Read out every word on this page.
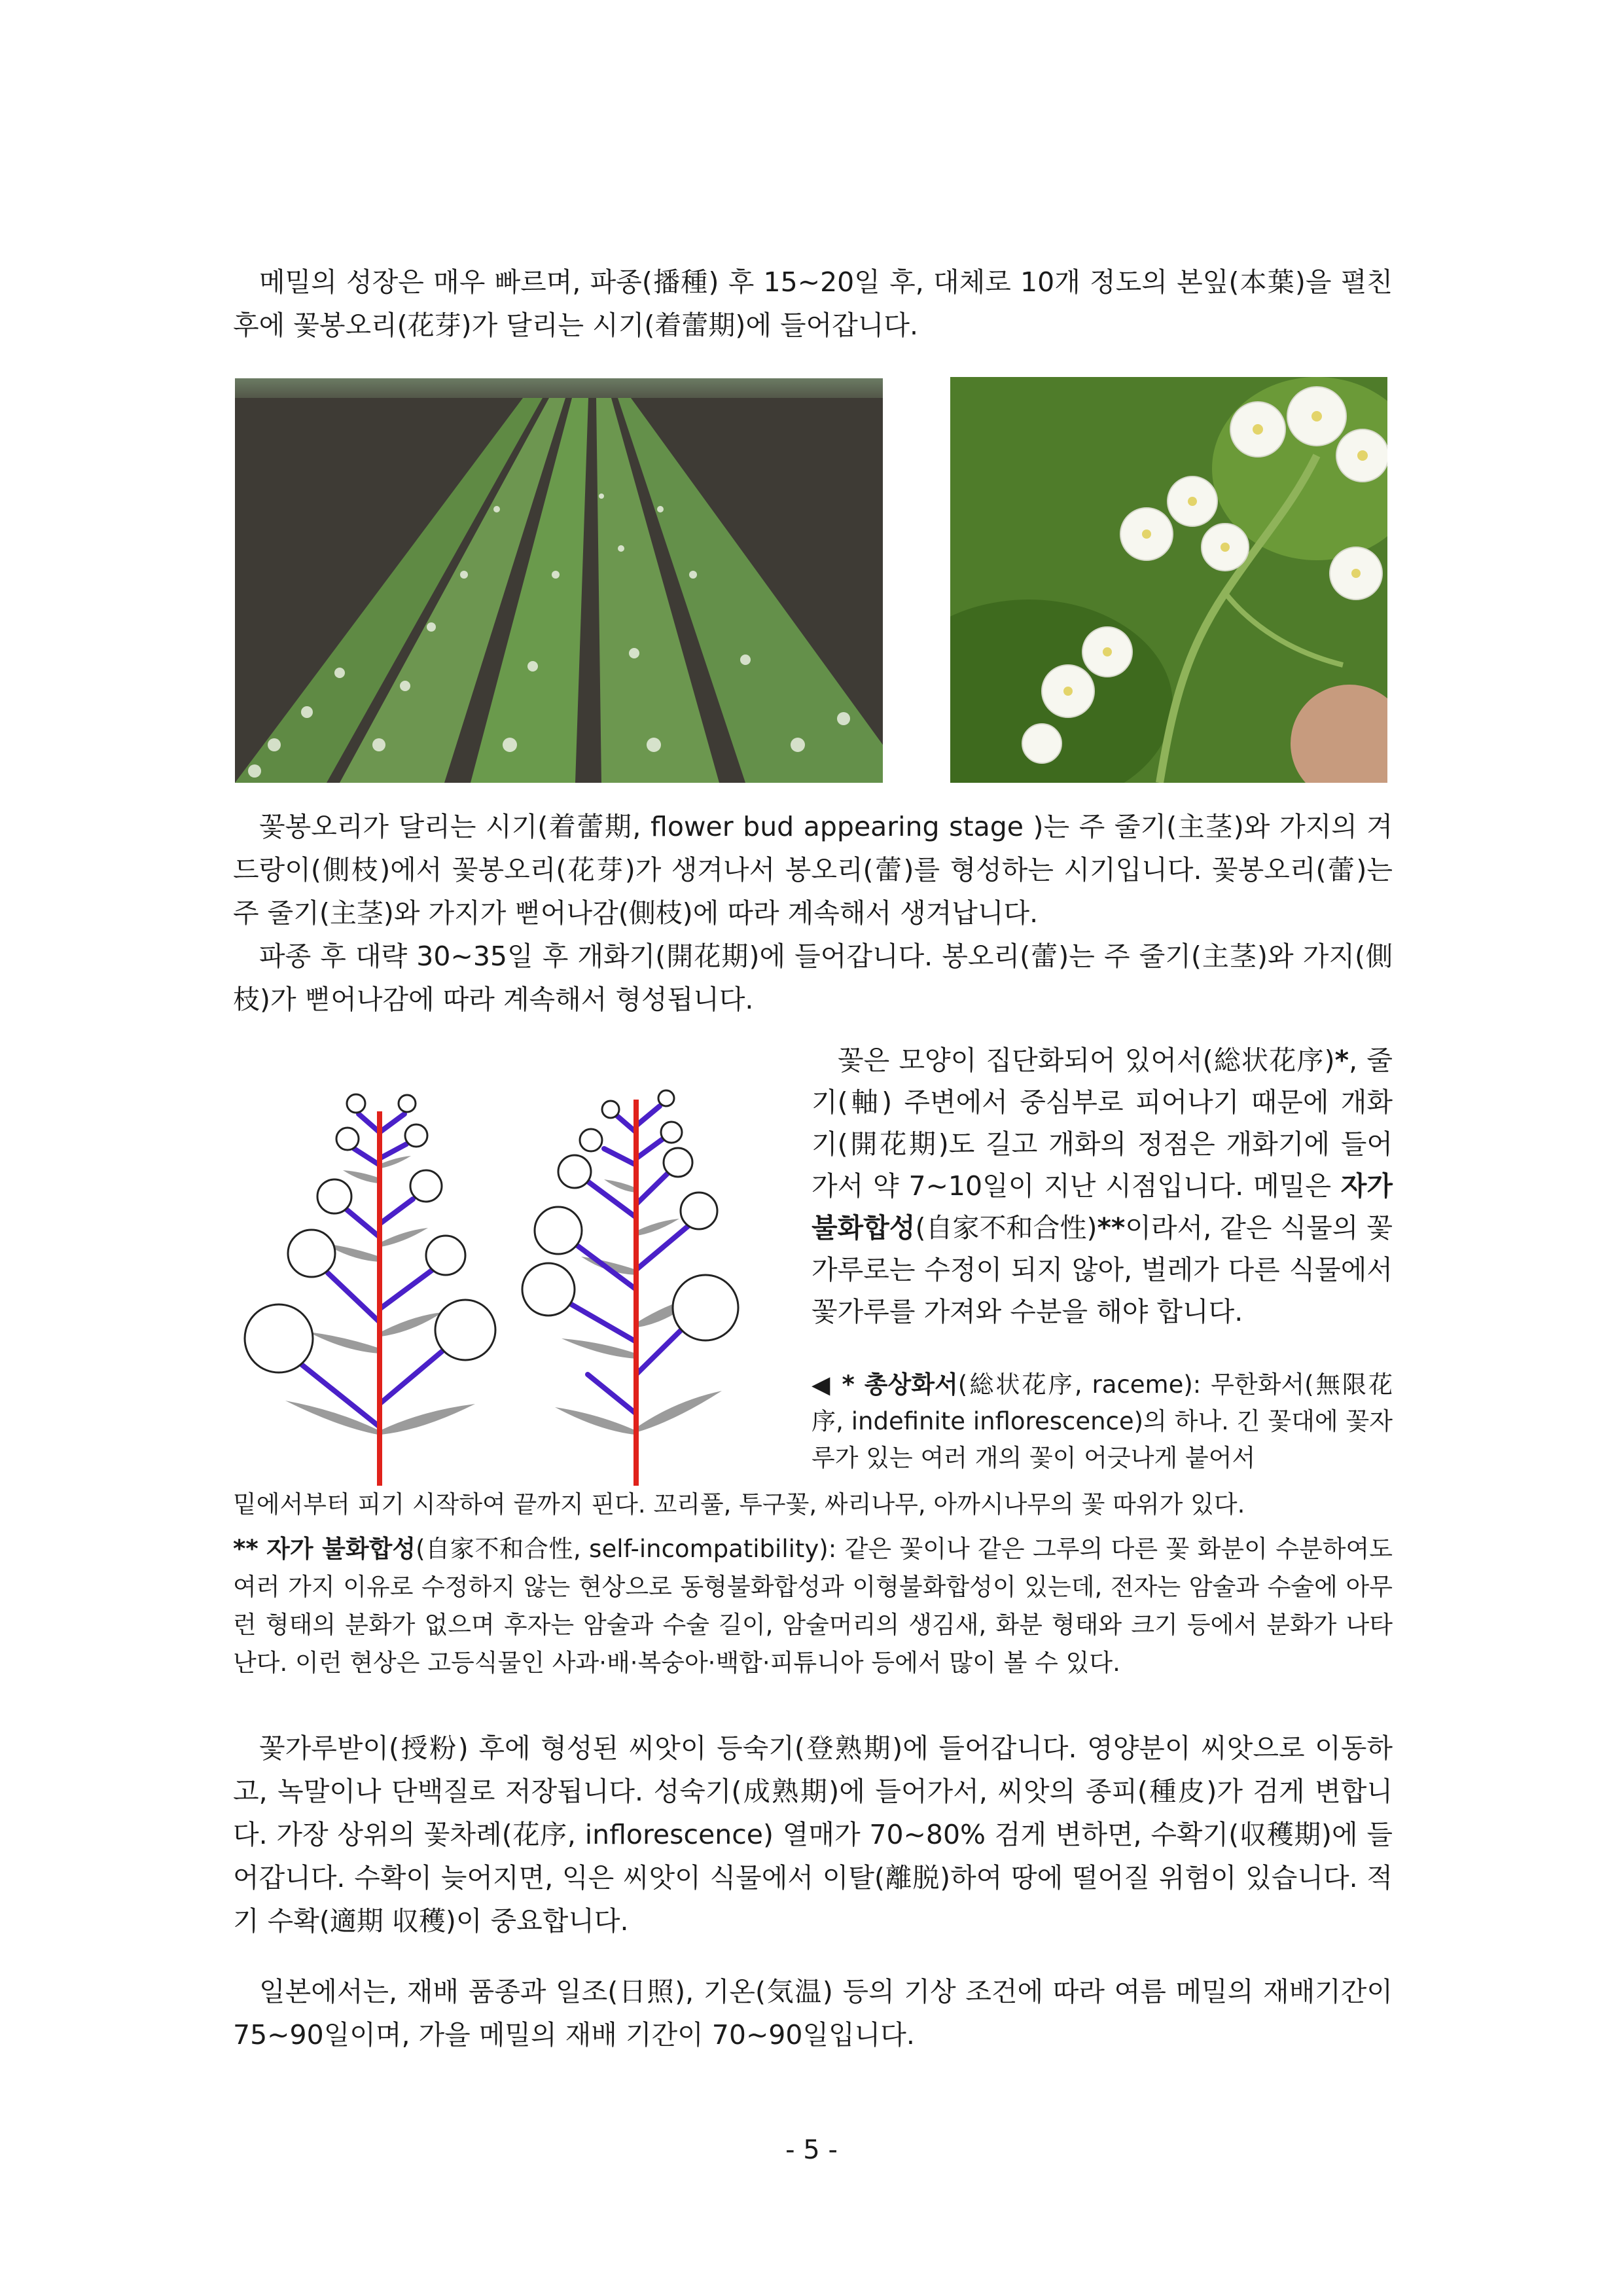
메밀의 성장은 매우 빠르며, 파종(播種) 후 15~20일 후, 대체로 10개 정도의 본잎(本葉)을 펼친 후에 꽃봉오리(花芽)가 달리는 시기(着蕾期)에 들어갑니다.

꽃봉오리가 달리는 시기(着蕾期, flower bud appearing stage )는 주 줄기(主茎)와 가지의 겨드랑이(側枝)에서 꽃봉오리(花芽)가 생겨나서 봉오리(蕾)를 형성하는 시기입니다. 꽃봉오리(蕾)는 주 줄기(主茎)와 가지가 뻗어나감(側枝)에 따라 계속해서 생겨납니다.

파종 후 대략 30~35일 후 개화기(開花期)에 들어갑니다. 봉오리(蕾)는 주 줄기(主茎)와 가지(側枝)가 뻗어나감에 따라 계속해서 형성됩니다.

꽃은 모양이 집단화되어 있어서(総状花序)*, 줄기(軸) 주변에서 중심부로 피어나기 때문에 개화기(開花期)도 길고 개화의 정점은 개화기에 들어가서 약 7~10일이 지난 시점입니다. 메밀은 자가 불화합성(自家不和合性)**이라서, 같은 식물의 꽃가루로는 수정이 되지 않아, 벌레가 다른 식물에서 꽃가루를 가져와 수분을 해야 합니다.
◀ * 총상화서(総状花序, raceme): 무한화서(無限花序, indefinite inflorescence)의 하나. 긴 꽃대에 꽃자루가 있는 여러 개의 꽃이 어긋나게 붙어서
밑에서부터 피기 시작하여 끝까지 핀다. 꼬리풀, 투구꽃, 싸리나무, 아까시나무의 꽃 따위가 있다.
** 자가 불화합성(自家不和合性, self-incompatibility): 같은 꽃이나 같은 그루의 다른 꽃 화분이 수분하여도 여러 가지 이유로 수정하지 않는 현상으로 동형불화합성과 이형불화합성이 있는데, 전자는 암술과 수술에 아무런 형태의 분화가 없으며 후자는 암술과 수술 길이, 암술머리의 생김새, 화분 형태와 크기 등에서 분화가 나타난다. 이런 현상은 고등식물인 사과·배·복숭아·백합·피튜니아 등에서 많이 볼 수 있다.

꽃가루받이(授粉) 후에 형성된 씨앗이 등숙기(登熟期)에 들어갑니다. 영양분이 씨앗으로 이동하고, 녹말이나 단백질로 저장됩니다. 성숙기(成熟期)에 들어가서, 씨앗의 종피(種皮)가 검게 변합니다. 가장 상위의 꽃차례(花序, inflorescence) 열매가 70~80% 검게 변하면, 수확기(収穫期)에 들어갑니다. 수확이 늦어지면, 익은 씨앗이 식물에서 이탈(離脱)하여 땅에 떨어질 위험이 있습니다. 적기 수확(適期 収穫)이 중요합니다.

일본에서는, 재배 품종과 일조(日照), 기온(気温) 등의 기상 조건에 따라 여름 메밀의 재배기간이 75~90일이며, 가을 메밀의 재배 기간이 70~90일입니다.

- 5 -
